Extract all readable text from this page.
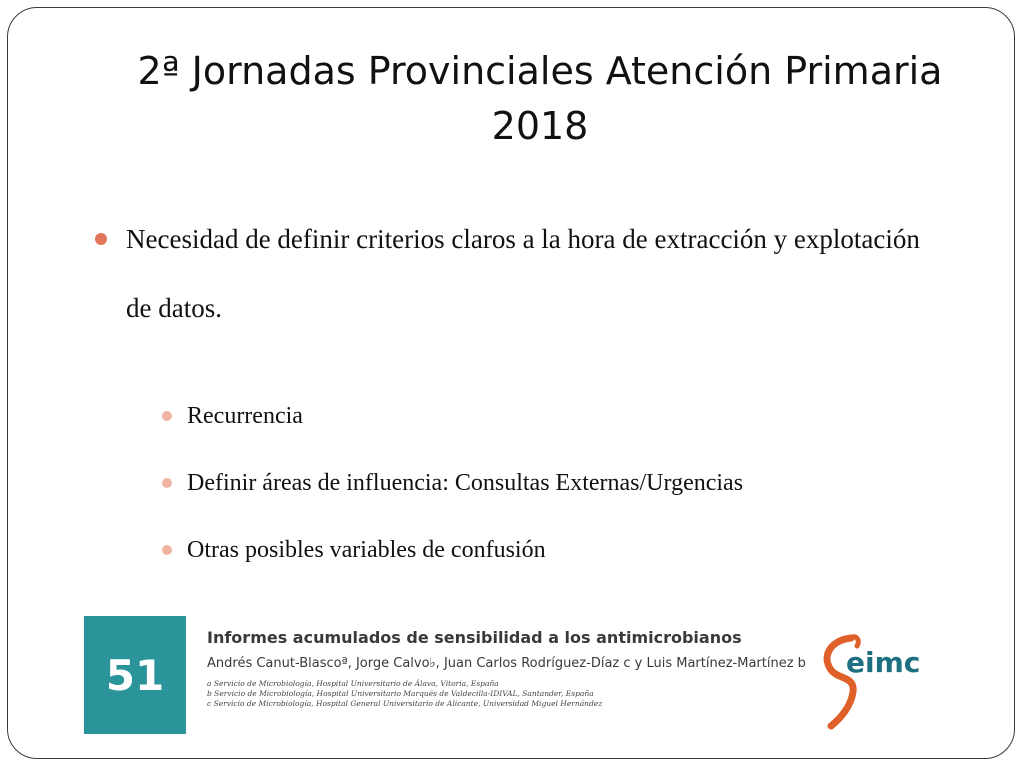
2ª Jornadas Provinciales Atención Primaria 2018
Necesidad de definir criterios claros a la hora de extracción y explotación de datos.
Recurrencia
Definir áreas de influencia: Consultas Externas/Urgencias
Otras posibles variables de confusión
51
Informes acumulados de sensibilidad a los antimicrobianos
Andrés Canut-Blascoª, Jorge Calvo♭, Juan Carlos Rodríguez-Díaz c y Luis Martínez-Martínez b
a Servicio de Microbiología, Hospital Universitario de Álava, Vitoria, España
b Servicio de Microbiología, Hospital Universitario Marqués de Valdecilla-IDIVAL, Santander, España
c Servicio de Microbiología, Hospital General Universitario de Alicante, Universidad Miguel Hernández
eimc
